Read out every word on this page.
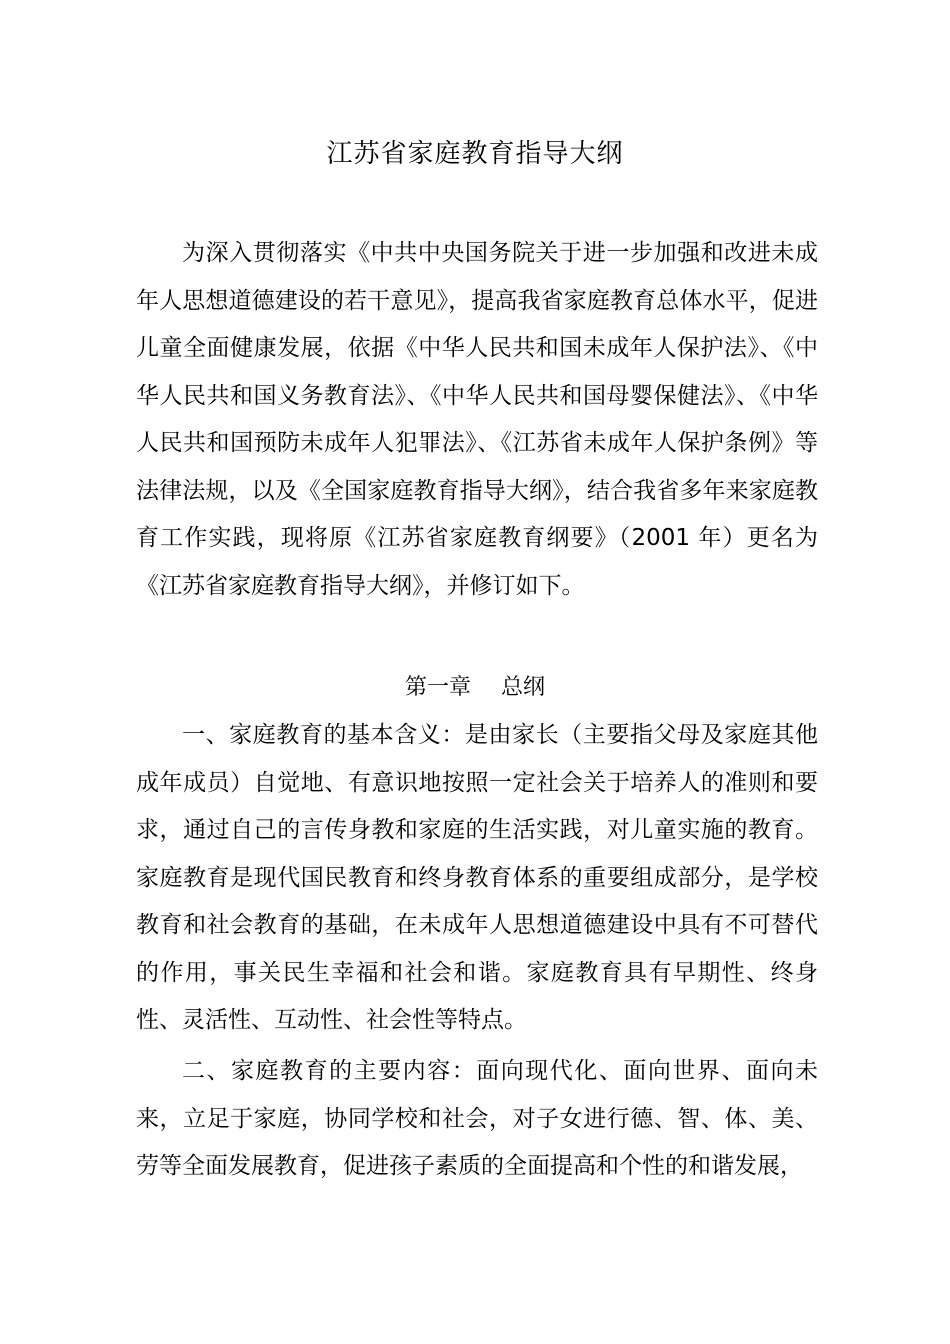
江苏省家庭教育指导大纲

为深入贯彻落实《中共中央国务院关于进一步加强和改进未成年人思想道德建设的若干意见》，提高我省家庭教育总体水平，促进儿童全面健康发展，依据《中华人民共和国未成年人保护法》、《中华人民共和国义务教育法》、《中华人民共和国母婴保健法》、《中华人民共和国预防未成年人犯罪法》、《江苏省未成年人保护条例》等法律法规，以及《全国家庭教育指导大纲》，结合我省多年来家庭教育工作实践，现将原《江苏省家庭教育纲要》（2001 年）更名为《江苏省家庭教育指导大纲》，并修订如下。

第一章 总纲

一、家庭教育的基本含义：是由家长（主要指父母及家庭其他成年成员）自觉地、有意识地按照一定社会关于培养人的准则和要求，通过自己的言传身教和家庭的生活实践，对儿童实施的教育。家庭教育是现代国民教育和终身教育体系的重要组成部分，是学校教育和社会教育的基础，在未成年人思想道德建设中具有不可替代的作用，事关民生幸福和社会和谐。家庭教育具有早期性、终身性、灵活性、互动性、社会性等特点。

二、家庭教育的主要内容：面向现代化、面向世界、面向未来，立足于家庭，协同学校和社会，对子女进行德、智、体、美、劳等全面发展教育，促进孩子素质的全面提高和个性的和谐发展，
